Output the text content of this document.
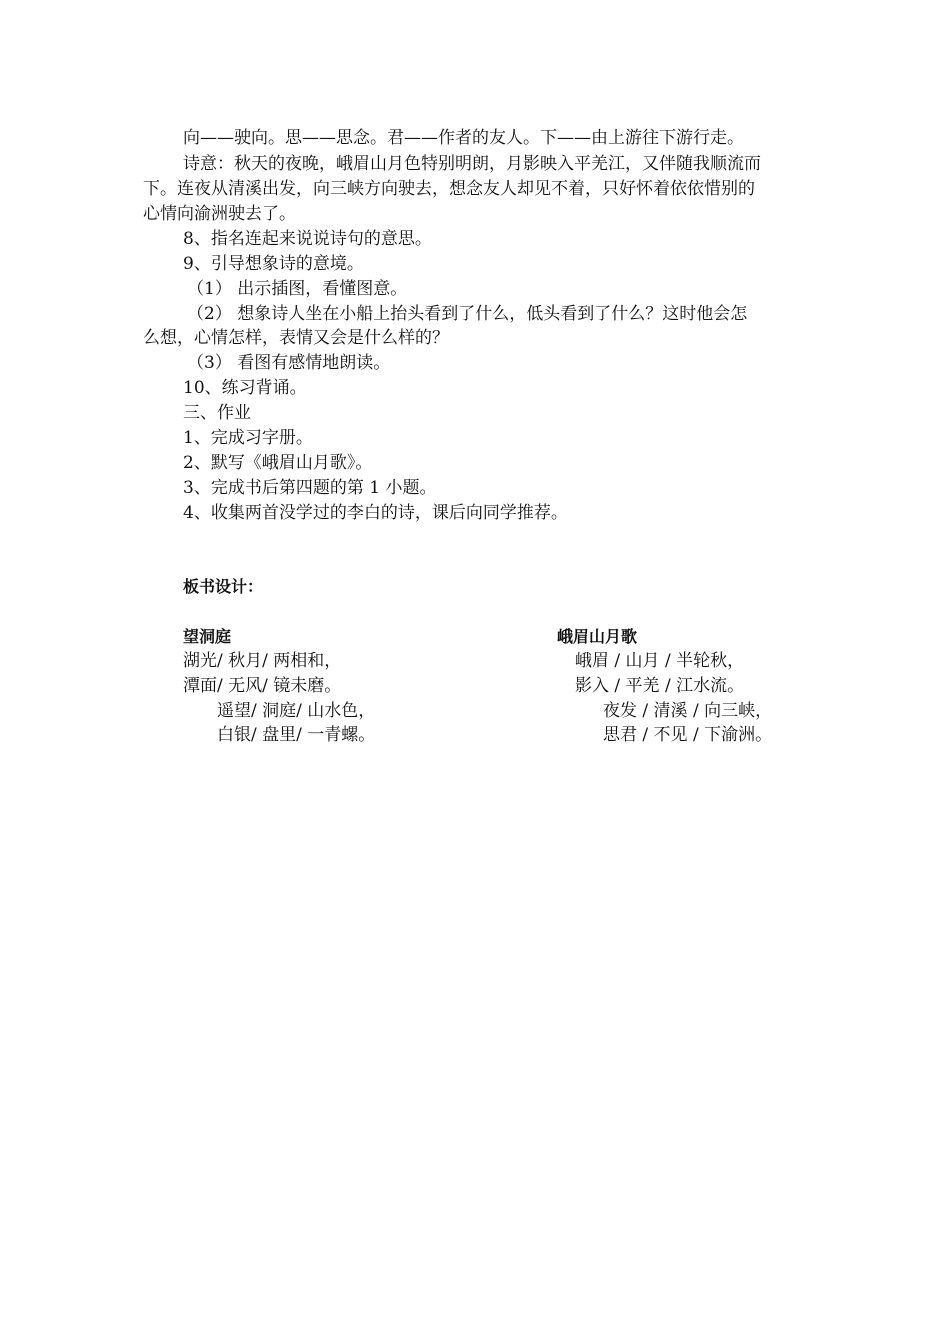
向——驶向。思——思念。君——作者的友人。下——由上游往下游行走。
诗意：秋天的夜晚，峨眉山月色特别明朗，月影映入平羌江，又伴随我顺流而
下。连夜从清溪出发，向三峡方向驶去，想念友人却见不着，只好怀着依依惜别的
心情向渝洲驶去了。
8、指名连起来说说诗句的意思。
9、引导想象诗的意境。
（1） 出示插图，看懂图意。
（2） 想象诗人坐在小船上抬头看到了什么，低头看到了什么？这时他会怎
么想，心情怎样，表情又会是什么样的？
（3） 看图有感情地朗读。
10、练习背诵。
三、作业
1、完成习字册。
2、默写《峨眉山月歌》。
3、完成书后第四题的第 1 小题。
4、收集两首没学过的李白的诗，课后向同学推荐。
板书设计：
望洞庭
湖光/ 秋月/ 两相和，
潭面/ 无风/ 镜未磨。
遥望/ 洞庭/ 山水色，
白银/ 盘里/ 一青螺。
峨眉山月歌
峨眉 / 山月 / 半轮秋，
影入 / 平羌 / 江水流。
夜发 / 清溪 / 向三峡，
思君 / 不见 / 下渝洲。
